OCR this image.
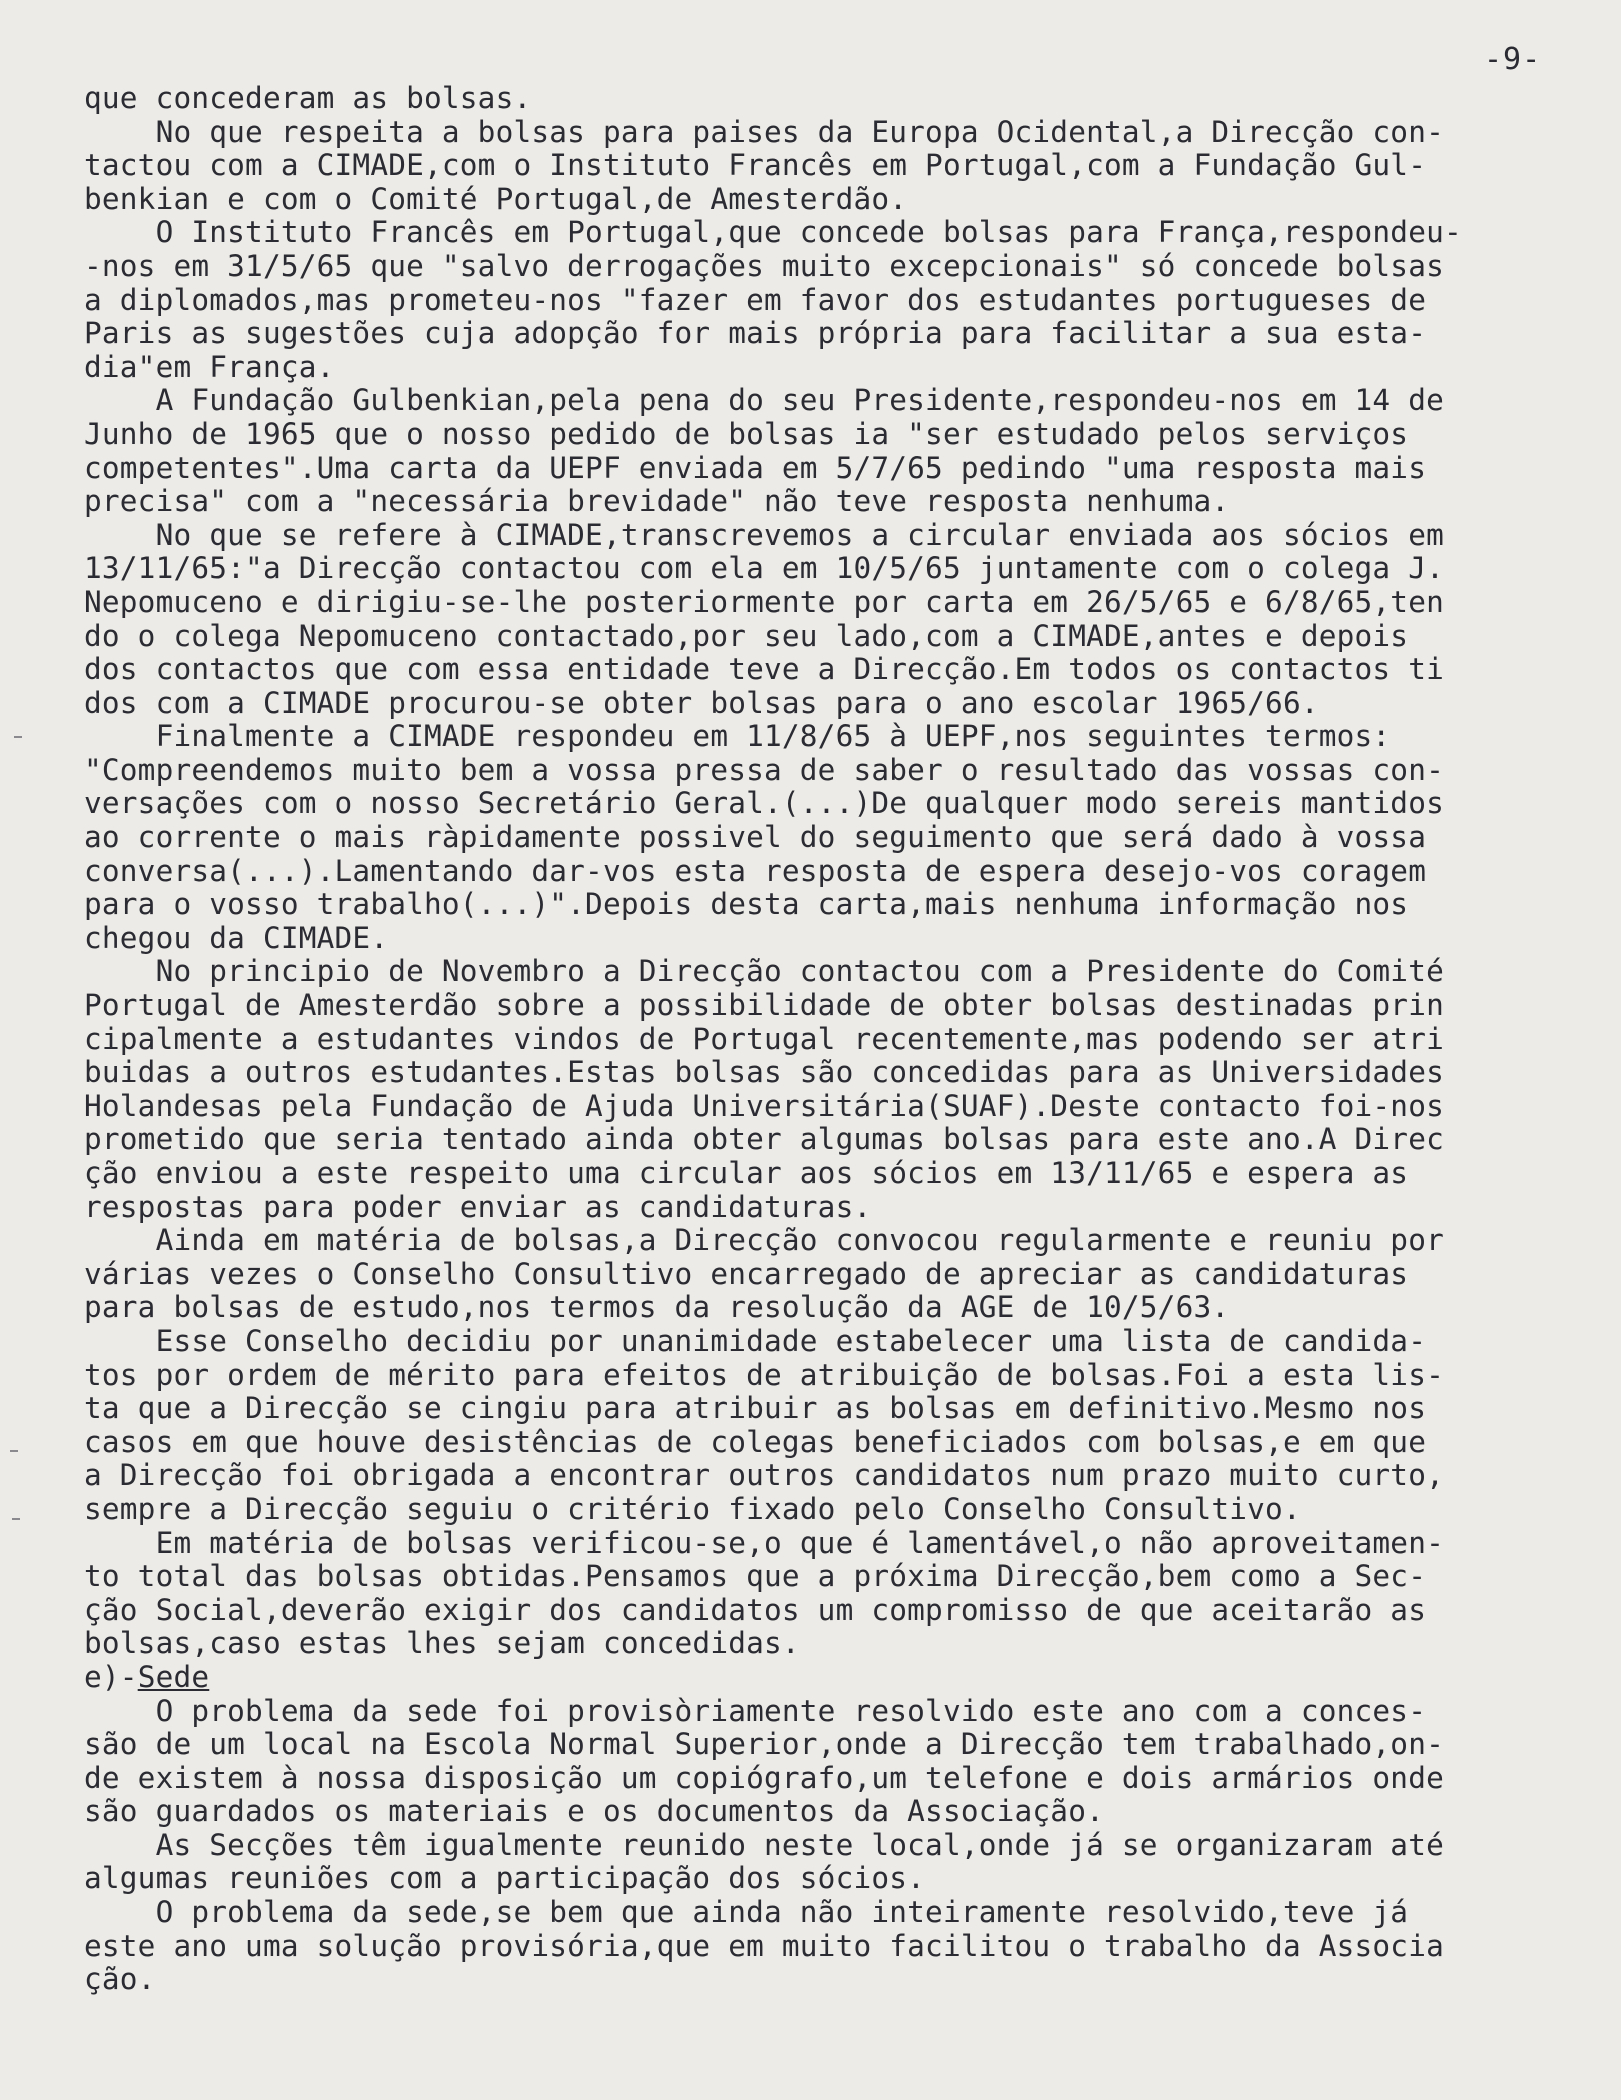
-9-

que concederam as bolsas.

No que respeita a bolsas para paises da Europa Ocidental,a Direcção con-

tactou com a CIMADE,com o Instituto Francês em Portugal,com a Fundação Gul-

benkian e com o Comité Portugal,de Amesterdão.

O Instituto Francês em Portugal,que concede bolsas para França,respondeu-

-nos em 31/5/65 que "salvo derrogações muito excepcionais" só concede bolsas

a diplomados,mas prometeu-nos "fazer em favor dos estudantes portugueses de

Paris as sugestões cuja adopção for mais própria para facilitar a sua esta-

dia"em França.

A Fundação Gulbenkian,pela pena do seu Presidente,respondeu-nos em 14 de

Junho de 1965 que o nosso pedido de bolsas ia "ser estudado pelos serviços

competentes".Uma carta da UEPF enviada em 5/7/65 pedindo "uma resposta mais

precisa" com a "necessária brevidade" não teve resposta nenhuma.

No que se refere à CIMADE,transcrevemos a circular enviada aos sócios em

13/11/65:"a Direcção contactou com ela em 10/5/65 juntamente com o colega J.

Nepomuceno e dirigiu-se-lhe posteriormente por carta em 26/5/65 e 6/8/65,ten

do o colega Nepomuceno contactado,por seu lado,com a CIMADE,antes e depois

dos contactos que com essa entidade teve a Direcção.Em todos os contactos ti

dos com a CIMADE procurou-se obter bolsas para o ano escolar 1965/66.

Finalmente a CIMADE respondeu em 11/8/65 à UEPF,nos seguintes termos:

"Compreendemos muito bem a vossa pressa de saber o resultado das vossas con-

versações com o nosso Secretário Geral.(...)De qualquer modo sereis mantidos

ao corrente o mais ràpidamente possivel do seguimento que será dado à vossa

conversa(...).Lamentando dar-vos esta resposta de espera desejo-vos coragem

para o vosso trabalho(...)".Depois desta carta,mais nenhuma informação nos

chegou da CIMADE.

No principio de Novembro a Direcção contactou com a Presidente do Comité

Portugal de Amesterdão sobre a possibilidade de obter bolsas destinadas prin

cipalmente a estudantes vindos de Portugal recentemente,mas podendo ser atri

buidas a outros estudantes.Estas bolsas são concedidas para as Universidades

Holandesas pela Fundação de Ajuda Universitária(SUAF).Deste contacto foi-nos

prometido que seria tentado ainda obter algumas bolsas para este ano.A Direc

ção enviou a este respeito uma circular aos sócios em 13/11/65 e espera as

respostas para poder enviar as candidaturas.

Ainda em matéria de bolsas,a Direcção convocou regularmente e reuniu por

várias vezes o Conselho Consultivo encarregado de apreciar as candidaturas

para bolsas de estudo,nos termos da resolução da AGE de 10/5/63.

Esse Conselho decidiu por unanimidade estabelecer uma lista de candida-

tos por ordem de mérito para efeitos de atribuição de bolsas.Foi a esta lis-

ta que a Direcção se cingiu para atribuir as bolsas em definitivo.Mesmo nos

casos em que houve desistências de colegas beneficiados com bolsas,e em que

a Direcção foi obrigada a encontrar outros candidatos num prazo muito curto,

sempre a Direcção seguiu o critério fixado pelo Conselho Consultivo.

Em matéria de bolsas verificou-se,o que é lamentável,o não aproveitamen-

to total das bolsas obtidas.Pensamos que a próxima Direcção,bem como a Sec-

ção Social,deverão exigir dos candidatos um compromisso de que aceitarão as

bolsas,caso estas lhes sejam concedidas.

e)-Sede

O problema da sede foi provisòriamente resolvido este ano com a conces-

são de um local na Escola Normal Superior,onde a Direcção tem trabalhado,on-

de existem à nossa disposição um copiógrafo,um telefone e dois armários onde

são guardados os materiais e os documentos da Associação.

As Secções têm igualmente reunido neste local,onde já se organizaram até

algumas reuniões com a participação dos sócios.

O problema da sede,se bem que ainda não inteiramente resolvido,teve já

este ano uma solução provisória,que em muito facilitou o trabalho da Associa

ção.
